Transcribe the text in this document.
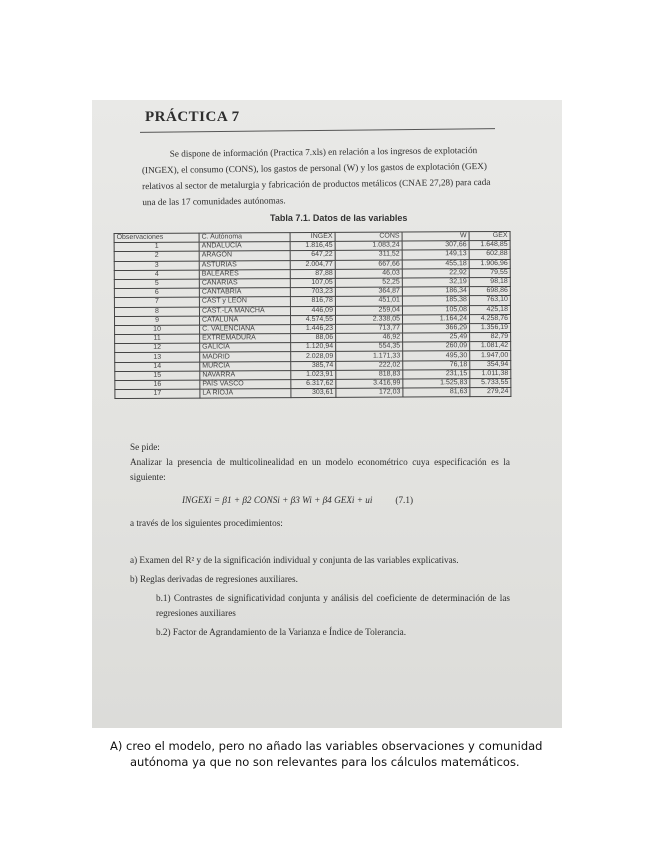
PRÁCTICA 7
Se dispone de información (Practica 7.xls) en relación a los ingresos de explotación (INGEX), el consumo (CONS), los gastos de personal (W) y los gastos de explotación (GEX) relativos al sector de metalurgia y fabricación de productos metálicos (CNAE 27,28) para cada una de las 17 comunidades autónomas.
Tabla 7.1. Datos de las variables
Observaciones	C. Autónoma	INGEX	CONS	W	GEX
1	ANDALUCÍA	1.816,45	1.083,24	307,66	1.648,85
2	ARAGÓN	647,22	311,52	149,13	602,88
3	ASTURIAS	2.004,77	667,66	455,18	1.906,96
4	BALEARES	87,88	46,03	22,92	79,55
5	CANARIAS	107,05	52,25	32,19	98,18
6	CANTABRIA	703,23	364,87	186,34	698,86
7	CAST y LEÓN	816,78	451,01	185,38	763,10
8	CAST.-LA MANCHA	446,09	259,04	105,08	425,18
9	CATALUÑA	4.574,55	2.338,05	1.164,24	4.258,76
10	C. VALENCIANA	1.446,23	713,77	366,29	1.356,19
11	EXTREMADURA	88,06	46,92	25,49	82,79
12	GALICIA	1.120,94	554,35	260,09	1.081,42
13	MADRID	2.028,09	1.171,33	495,30	1.947,00
14	MURCIA	385,74	222,02	76,18	354,94
15	NAVARRA	1.023,91	818,83	231,15	1.011,38
16	PAÍS VASCO	6.317,62	3.416,99	1.525,83	5.733,55
17	LA RIOJA	303,61	172,03	81,63	279,24

Se pide:

Analizar la presencia de multicolinealidad en un modelo econométrico cuya especificación es la siguiente:

INGEXi = β1 + β2 CONSi + β3 Wi + β4 GEXi + ui (7.1)

a través de los siguientes procedimientos:

a) Examen del R² y de la significación individual y conjunta de las variables explicativas.

b) Reglas derivadas de regresiones auxiliares.

b.1) Contrastes de significatividad conjunta y análisis del coeficiente de determinación de las regresiones auxiliares

b.2) Factor de Agrandamiento de la Varianza e Índice de Tolerancia.

A) creo el modelo, pero no añado las variables observaciones y comunidad
autónoma ya que no son relevantes para los cálculos matemáticos.
